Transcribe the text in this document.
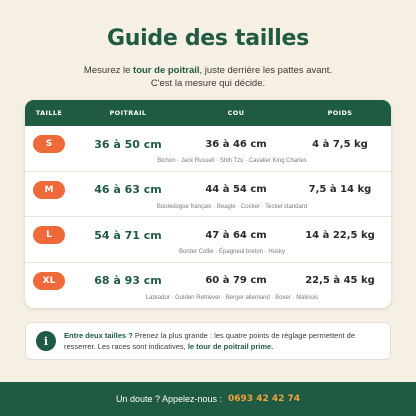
Guide des tailles
Mesurez le tour de poitrail, juste derrière les pattes avant.
C'est la mesure qui décide.
TAILLE	POITRAIL	COU	POIDS
S	36 à 50 cm	36 à 46 cm	4 à 7,5 kg
Bichon · Jack Russell · Shih Tzu · Cavalier King Charles
M	46 à 63 cm	44 à 54 cm	7,5 à 14 kg
Bouledogue français · Beagle · Cocker · Teckel standard
L	54 à 71 cm	47 à 64 cm	14 à 22,5 kg
Border Collie · Épagneul breton · Husky
XL	68 à 93 cm	60 à 79 cm	22,5 à 45 kg
Labrador · Golden Retriever · Berger allemand · Boxer · Malinois
i	Entre deux tailles ? Prenez la plus grande : les quatre points de réglage permettent de resserrer. Les races sont indicatives, le tour de poitrail prime.
Un doute ? Appelez-nous : 0693 42 42 74
